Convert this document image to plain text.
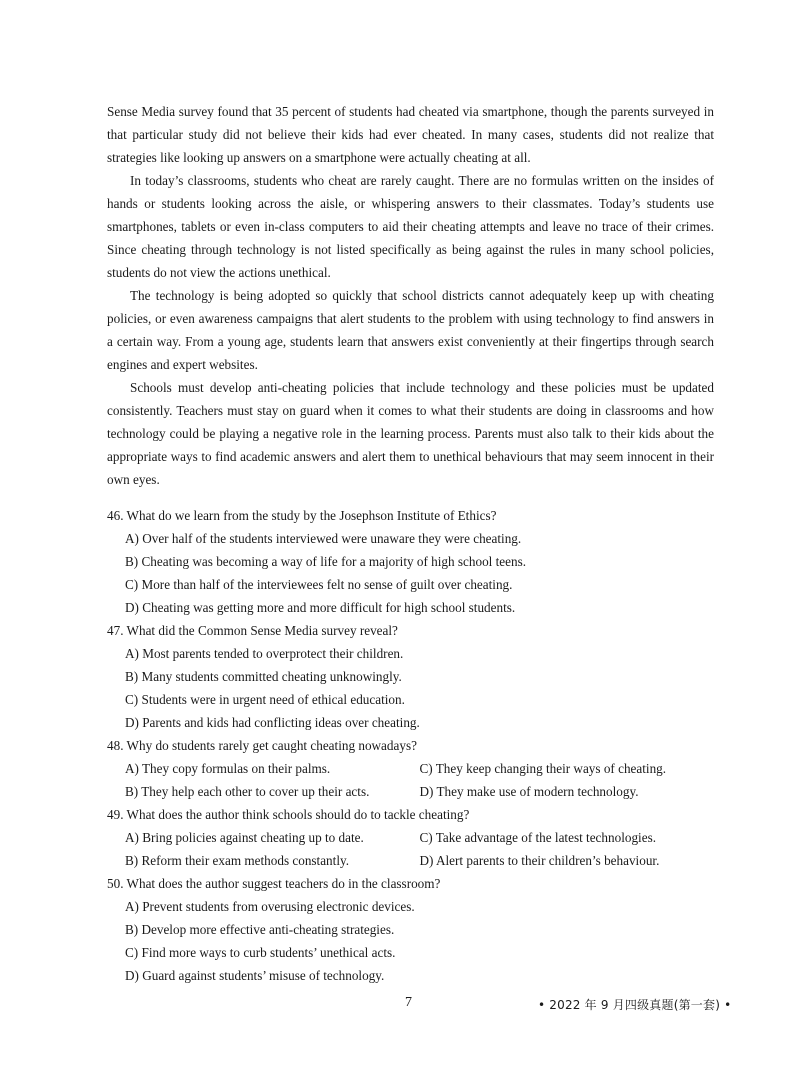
Sense Media survey found that 35 percent of students had cheated via smartphone, though the parents surveyed in that particular study did not believe their kids had ever cheated. In many cases, students did not realize that strategies like looking up answers on a smartphone were actually cheating at all.

In today’s classrooms, students who cheat are rarely caught. There are no formulas written on the insides of hands or students looking across the aisle, or whispering answers to their classmates. Today’s students use smartphones, tablets or even in-class computers to aid their cheating attempts and leave no trace of their crimes. Since cheating through technology is not listed specifically as being against the rules in many school policies, students do not view the actions unethical.

The technology is being adopted so quickly that school districts cannot adequately keep up with cheating policies, or even awareness campaigns that alert students to the problem with using technology to find answers in a certain way. From a young age, students learn that answers exist conveniently at their fingertips through search engines and expert websites.

Schools must develop anti-cheating policies that include technology and these policies must be updated consistently. Teachers must stay on guard when it comes to what their students are doing in classrooms and how technology could be playing a negative role in the learning process. Parents must also talk to their kids about the appropriate ways to find academic answers and alert them to unethical behaviours that may seem innocent in their own eyes.

46. What do we learn from the study by the Josephson Institute of Ethics?
A) Over half of the students interviewed were unaware they were cheating.
B) Cheating was becoming a way of life for a majority of high school teens.
C) More than half of the interviewees felt no sense of guilt over cheating.
D) Cheating was getting more and more difficult for high school students.
47. What did the Common Sense Media survey reveal?
A) Most parents tended to overprotect their children.
B) Many students committed cheating unknowingly.
C) Students were in urgent need of ethical education.
D) Parents and kids had conflicting ideas over cheating.
48. Why do students rarely get caught cheating nowadays?
A) They copy formulas on their palms.	C) They keep changing their ways of cheating.
B) They help each other to cover up their acts.	D) They make use of modern technology.
49. What does the author think schools should do to tackle cheating?
A) Bring policies against cheating up to date.	C) Take advantage of the latest technologies.
B) Reform their exam methods constantly.	D) Alert parents to their children’s behaviour.
50. What does the author suggest teachers do in the classroom?
A) Prevent students from overusing electronic devices.
B) Develop more effective anti-cheating strategies.
C) Find more ways to curb students’ unethical acts.
D) Guard against students’ misuse of technology.
7	• 2022 年 9 月四级真题(第一套) •
